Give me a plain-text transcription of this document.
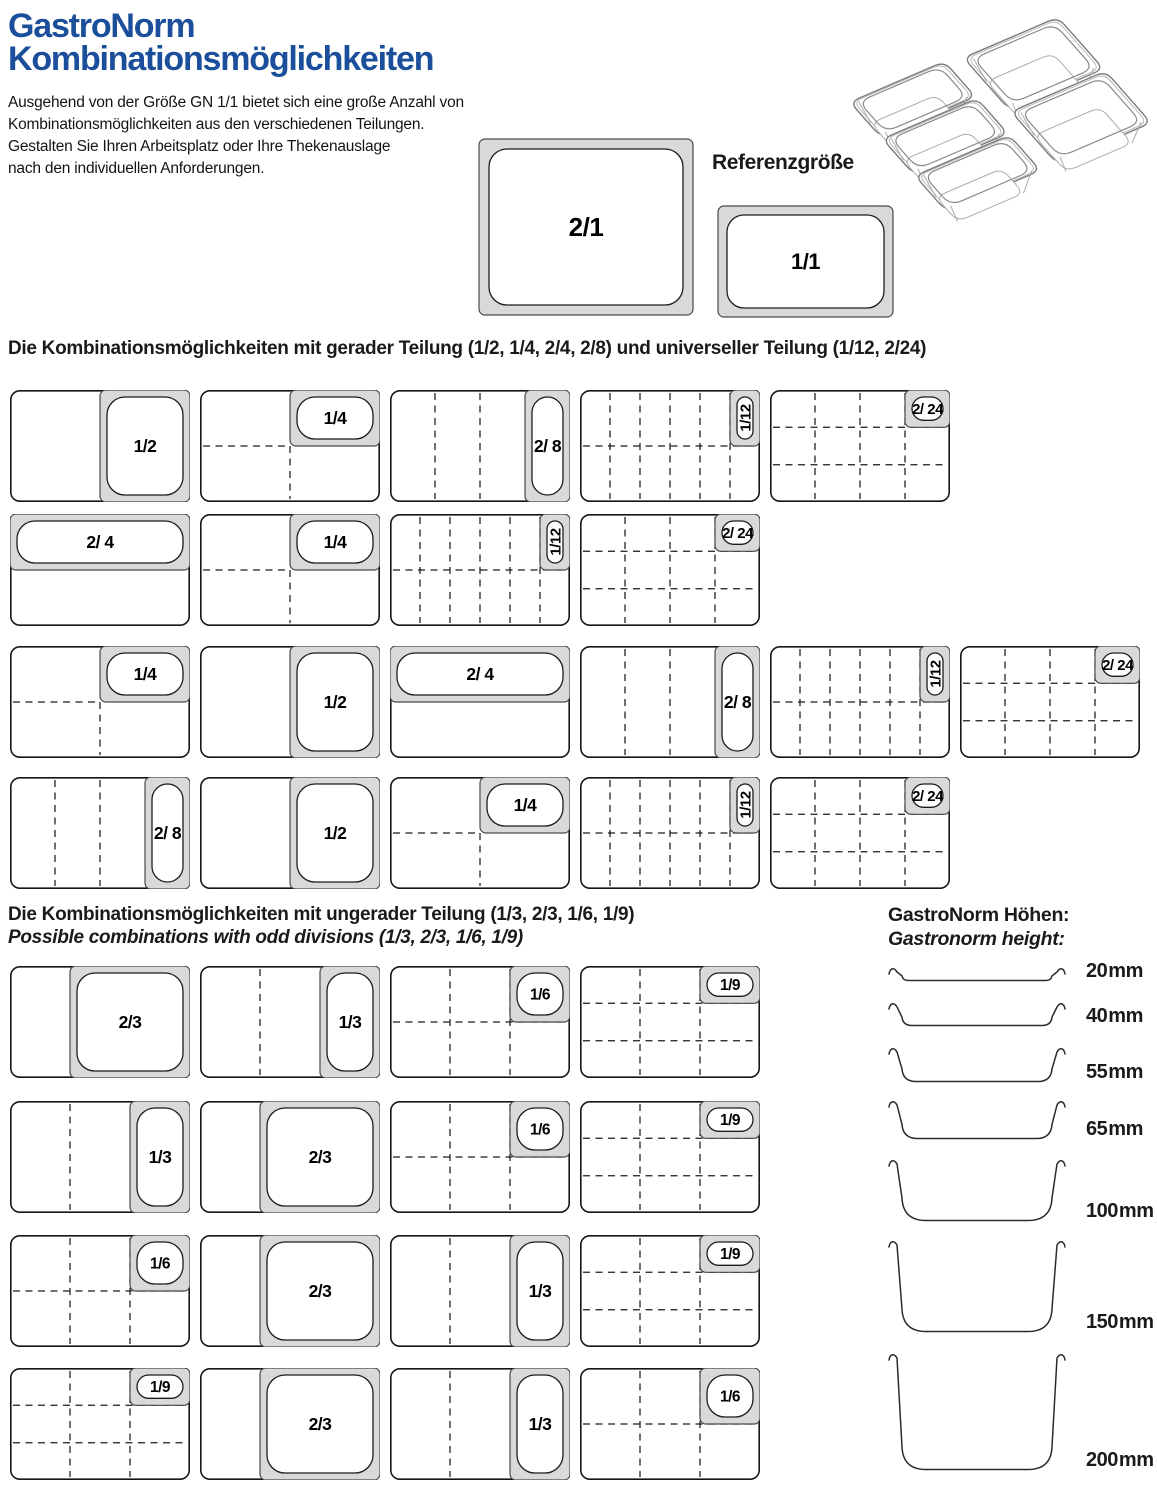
GastroNorm
Kombinationsmöglichkeiten
Ausgehend von der Größe GN 1/1 bietet sich eine große Anzahl von
Kombinationsmöglichkeiten aus den verschiedenen Teilungen.
Gestalten Sie Ihren Arbeitsplatz oder Ihre Thekenauslage
nach den individuellen Anforderungen.
2/1
Referenzgröße
1/1
Die Kombinationsmöglichkeiten mit gerader Teilung (1/2, 1/4, 2/4, 2/8) und universeller Teilung (1/12, 2/24)
1/2
1/4
2/ 8
1/12	2/ 24
2/ 4	1/4	1/12	2/ 24
1/4
1/2
2/ 4
2/ 8
1/12	2/ 24
2/ 8	1/2
1/4	1/12	2/ 24
Die Kombinationsmöglichkeiten mit ungerader Teilung (1/3, 2/3, 1/6, 1/9)
Possible combinations with odd divisions (1/3, 2/3, 1/6, 1/9)
2/3	1/3
1/6
1/9
1/3	2/3
1/6
1/9
1/6
2/3	1/3
1/9
1/9
2/3	1/3
1/6
GastroNorm Höhen:
Gastronorm height:
20 mm
40 mm
55 mm
65 mm
100 mm
150 mm
200 mm
